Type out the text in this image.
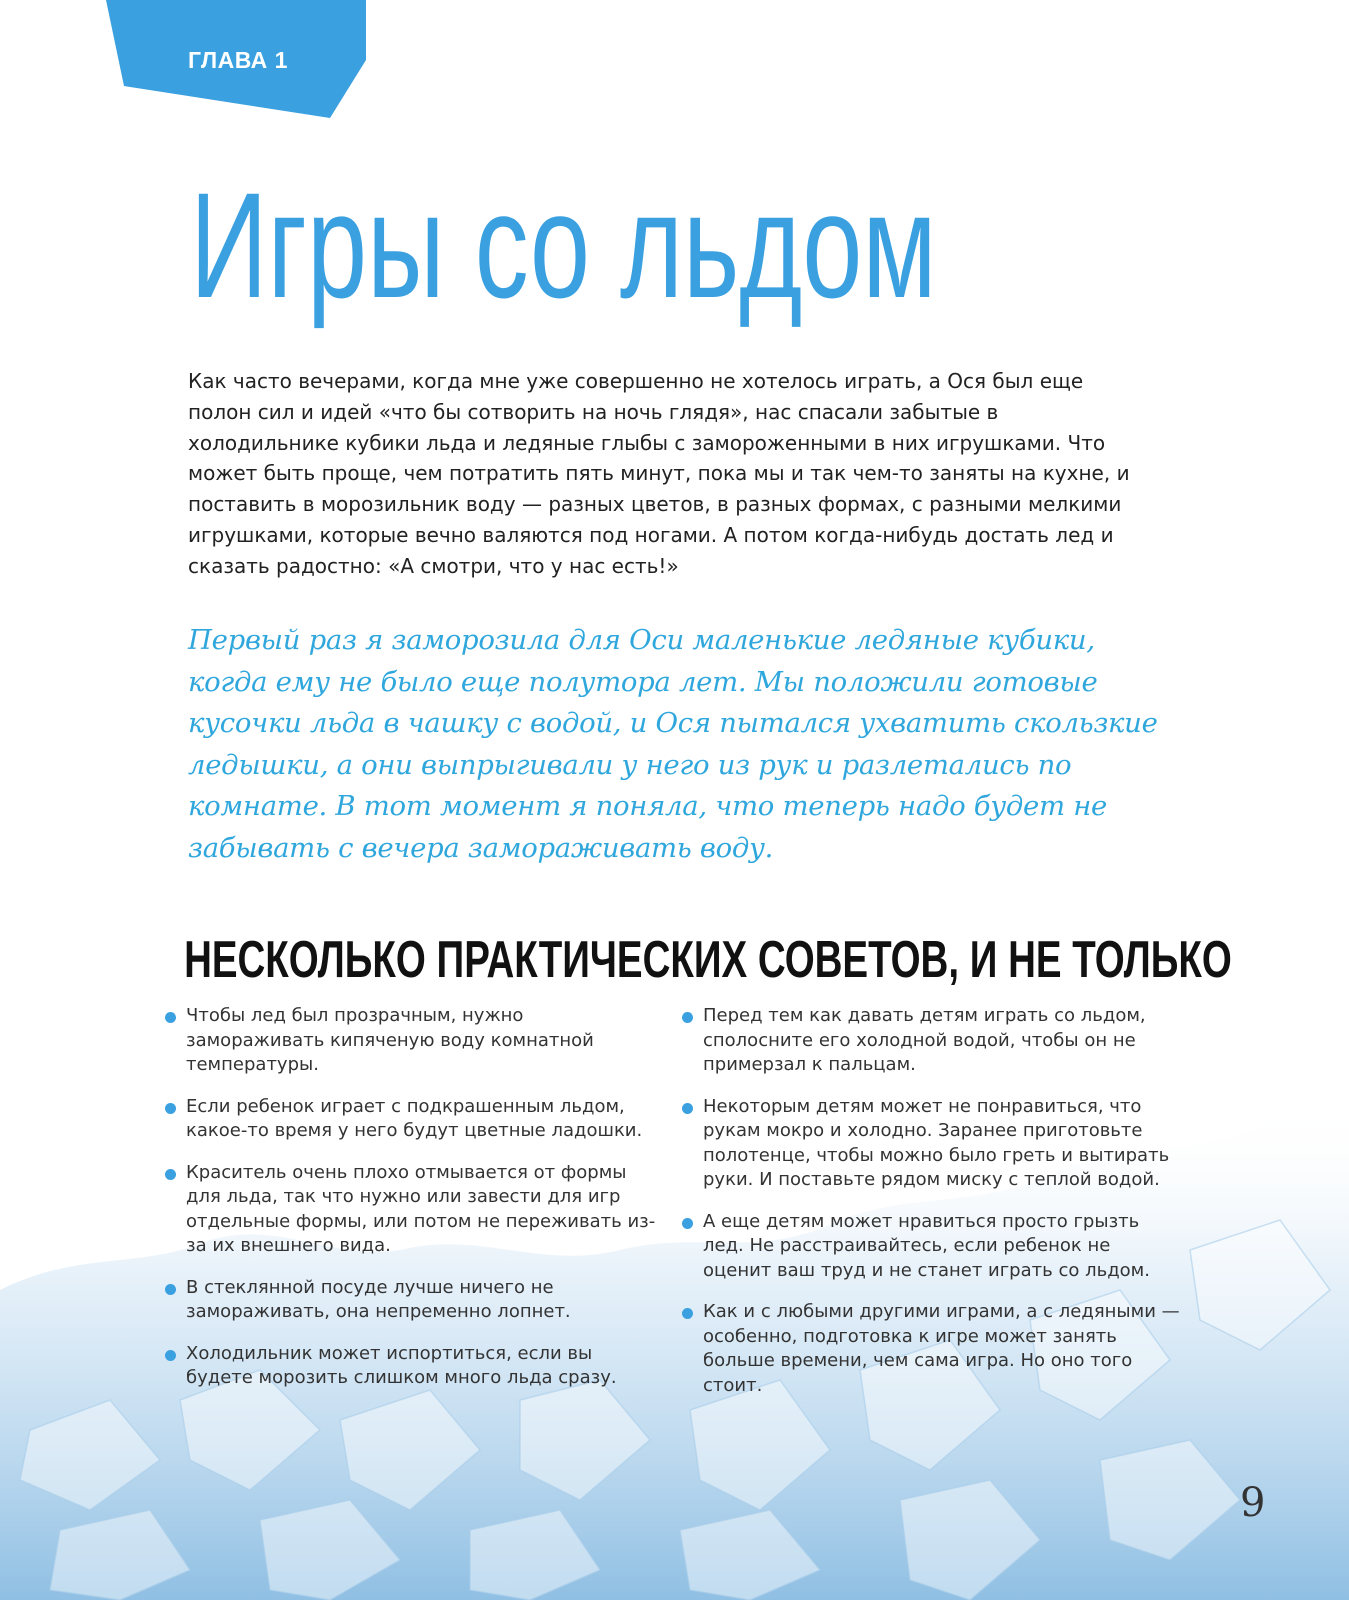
ГЛАВА 1
Игры со льдом

Как часто вечерами, когда мне уже совершенно не хотелось играть, а Ося был еще полон сил и идей «что бы сотворить на ночь глядя», нас спасали забытые в холодильнике кубики льда и ледяные глыбы с замороженными в них игрушками. Что может быть проще, чем потратить пять минут, пока мы и так чем-то заняты на кухне, и поставить в морозильник воду — разных цветов, в разных формах, с разными мелкими игрушками, которые вечно валяются под ногами. А потом когда-нибудь достать лед и сказать радостно: «А смотри, что у нас есть!»

Первый раз я заморозила для Оси маленькие ледяные кубики, когда ему не было еще полутора лет. Мы положили готовые кусочки льда в чашку с водой, и Ося пытался ухватить скользкие ледышки, а они выпрыгивали у него из рук и разлетались по комнате. В тот момент я поняла, что теперь надо будет не забывать с вечера замораживать воду.

НЕСКОЛЬКО ПРАКТИЧЕСКИХ СОВЕТОВ, И НЕ ТОЛЬКО
Чтобы лед был прозрачным, нужно замораживать кипяченую воду комнатной температуры.
Если ребенок играет с подкрашенным льдом, какое-то время у него будут цветные ладошки.
Краситель очень плохо отмывается от формы для льда, так что нужно или завести для игр отдельные формы, или потом не переживать из-за их внешнего вида.
В стеклянной посуде лучше ничего не замораживать, она непременно лопнет.
Холодильник может испортиться, если вы будете морозить слишком много льда сразу.
Перед тем как давать детям играть со льдом, сполосните его холодной водой, чтобы он не примерзал к пальцам.
Некоторым детям может не понравиться, что рукам мокро и холодно. Заранее приготовьте полотенце, чтобы можно было греть и вытирать руки. И поставьте рядом миску с теплой водой.
А еще детям может нравиться просто грызть лед. Не расстраивайтесь, если ребенок не оценит ваш труд и не станет играть со льдом.
Как и с любыми другими играми, а с ледяными — особенно, подготовка к игре может занять больше времени, чем сама игра. Но оно того стоит.
9
